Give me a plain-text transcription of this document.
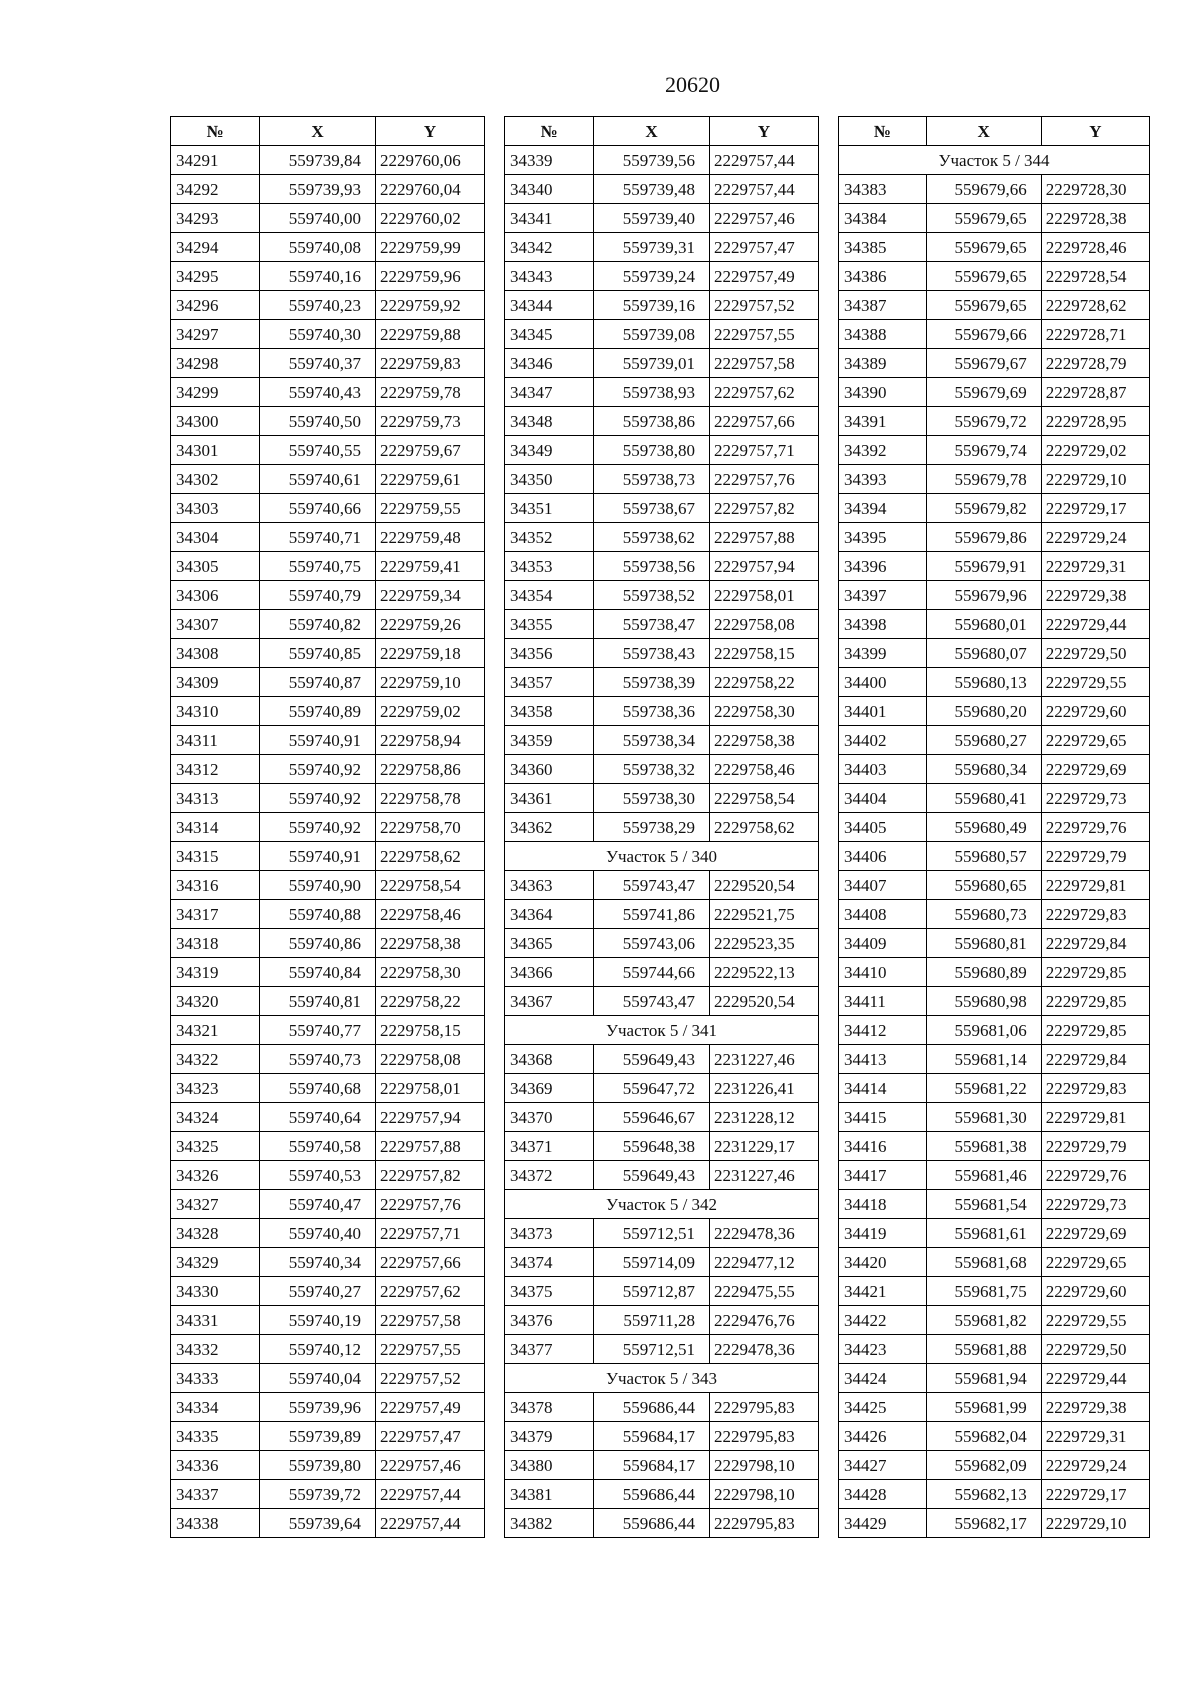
20620
№	X	Y
34291	559739,84	2229760,06
34292	559739,93	2229760,04
34293	559740,00	2229760,02
34294	559740,08	2229759,99
34295	559740,16	2229759,96
34296	559740,23	2229759,92
34297	559740,30	2229759,88
34298	559740,37	2229759,83
34299	559740,43	2229759,78
34300	559740,50	2229759,73
34301	559740,55	2229759,67
34302	559740,61	2229759,61
34303	559740,66	2229759,55
34304	559740,71	2229759,48
34305	559740,75	2229759,41
34306	559740,79	2229759,34
34307	559740,82	2229759,26
34308	559740,85	2229759,18
34309	559740,87	2229759,10
34310	559740,89	2229759,02
34311	559740,91	2229758,94
34312	559740,92	2229758,86
34313	559740,92	2229758,78
34314	559740,92	2229758,70
34315	559740,91	2229758,62
34316	559740,90	2229758,54
34317	559740,88	2229758,46
34318	559740,86	2229758,38
34319	559740,84	2229758,30
34320	559740,81	2229758,22
34321	559740,77	2229758,15
34322	559740,73	2229758,08
34323	559740,68	2229758,01
34324	559740,64	2229757,94
34325	559740,58	2229757,88
34326	559740,53	2229757,82
34327	559740,47	2229757,76
34328	559740,40	2229757,71
34329	559740,34	2229757,66
34330	559740,27	2229757,62
34331	559740,19	2229757,58
34332	559740,12	2229757,55
34333	559740,04	2229757,52
34334	559739,96	2229757,49
34335	559739,89	2229757,47
34336	559739,80	2229757,46
34337	559739,72	2229757,44
34338	559739,64	2229757,44
№	X	Y
34339	559739,56	2229757,44
34340	559739,48	2229757,44
34341	559739,40	2229757,46
34342	559739,31	2229757,47
34343	559739,24	2229757,49
34344	559739,16	2229757,52
34345	559739,08	2229757,55
34346	559739,01	2229757,58
34347	559738,93	2229757,62
34348	559738,86	2229757,66
34349	559738,80	2229757,71
34350	559738,73	2229757,76
34351	559738,67	2229757,82
34352	559738,62	2229757,88
34353	559738,56	2229757,94
34354	559738,52	2229758,01
34355	559738,47	2229758,08
34356	559738,43	2229758,15
34357	559738,39	2229758,22
34358	559738,36	2229758,30
34359	559738,34	2229758,38
34360	559738,32	2229758,46
34361	559738,30	2229758,54
34362	559738,29	2229758,62
Участок 5 / 340		
34363	559743,47	2229520,54
34364	559741,86	2229521,75
34365	559743,06	2229523,35
34366	559744,66	2229522,13
34367	559743,47	2229520,54
Участок 5 / 341		
34368	559649,43	2231227,46
34369	559647,72	2231226,41
34370	559646,67	2231228,12
34371	559648,38	2231229,17
34372	559649,43	2231227,46
Участок 5 / 342		
34373	559712,51	2229478,36
34374	559714,09	2229477,12
34375	559712,87	2229475,55
34376	559711,28	2229476,76
34377	559712,51	2229478,36
Участок 5 / 343		
34378	559686,44	2229795,83
34379	559684,17	2229795,83
34380	559684,17	2229798,10
34381	559686,44	2229798,10
34382	559686,44	2229795,83
№	X	Y
Участок 5 / 344		
34383	559679,66	2229728,30
34384	559679,65	2229728,38
34385	559679,65	2229728,46
34386	559679,65	2229728,54
34387	559679,65	2229728,62
34388	559679,66	2229728,71
34389	559679,67	2229728,79
34390	559679,69	2229728,87
34391	559679,72	2229728,95
34392	559679,74	2229729,02
34393	559679,78	2229729,10
34394	559679,82	2229729,17
34395	559679,86	2229729,24
34396	559679,91	2229729,31
34397	559679,96	2229729,38
34398	559680,01	2229729,44
34399	559680,07	2229729,50
34400	559680,13	2229729,55
34401	559680,20	2229729,60
34402	559680,27	2229729,65
34403	559680,34	2229729,69
34404	559680,41	2229729,73
34405	559680,49	2229729,76
34406	559680,57	2229729,79
34407	559680,65	2229729,81
34408	559680,73	2229729,83
34409	559680,81	2229729,84
34410	559680,89	2229729,85
34411	559680,98	2229729,85
34412	559681,06	2229729,85
34413	559681,14	2229729,84
34414	559681,22	2229729,83
34415	559681,30	2229729,81
34416	559681,38	2229729,79
34417	559681,46	2229729,76
34418	559681,54	2229729,73
34419	559681,61	2229729,69
34420	559681,68	2229729,65
34421	559681,75	2229729,60
34422	559681,82	2229729,55
34423	559681,88	2229729,50
34424	559681,94	2229729,44
34425	559681,99	2229729,38
34426	559682,04	2229729,31
34427	559682,09	2229729,24
34428	559682,13	2229729,17
34429	559682,17	2229729,10
